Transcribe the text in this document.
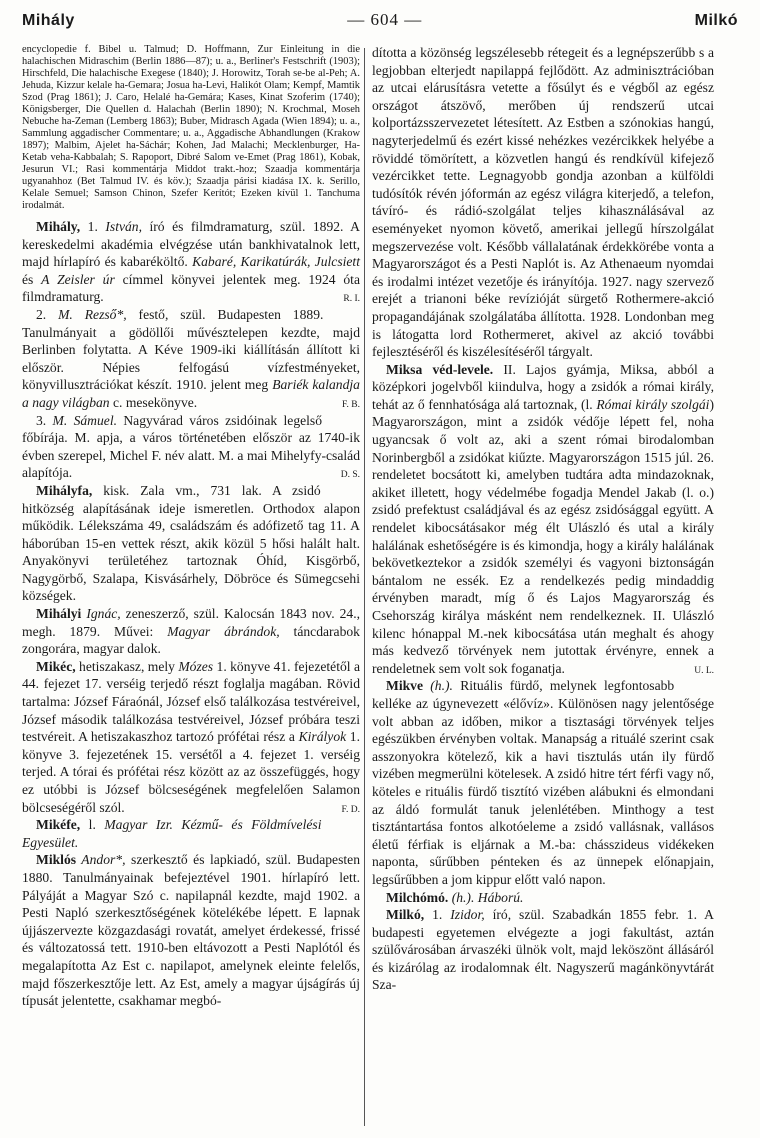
Mihály	— 604 —	Milkó

encyclopedie f. Bibel u. Talmud; D. Hoffmann, Zur Einleitung in die halachischen Midraschim (Berlin 1886—87); u. a., Berliner's Festschrift (1903); Hirschfeld, Die halachische Exegese (1840); J. Horowitz, Torah se-be al-Peh; A. Jehuda, Kizzur kelale ha-Gemara; Josua ha-Levi, Halikót Olam; Kempf, Mamtik Szod (Prag 1861); J. Caro, Helalé ha-Gemára; Kases, Kinat Szoferim (1740); Königsberger, Die Quellen d. Halachah (Berlin 1890); N. Krochmal, Moseh Nebuche ha-Zeman (Lemberg 1863); Buber, Midrasch Agada (Wien 1894); u. a., Sammlung aggadischer Commentare; u. a., Aggadische Abhandlungen (Krakow 1897); Malbim, Ajelet ha-Sáchár; Kohen, Jad Malachi; Mecklenburger, Ha-Ketab veha-Kabbalah; S. Rapoport, Dibré Salom ve-Emet (Prag 1861), Kobak, Jesurun VI.; Rasi kommentárja Middot trakt.-hoz; Szaadja kommentárja ugyanahhoz (Bet Talmud IV. és köv.); Szaadja párisi kiadása IX. k. Serillo, Kelale Semuel; Samson Chinon, Szefer Kerítót; Ezeken kívül 1. Tanchuma irodalmát.

Mihály, 1. István, író és filmdramaturg, szül. 1892. A kereskedelmi akadémia elvégzése után bankhivatalnok lett, majd hírlapíró és kabaréköltő. Kabaré, Karikatúrák, Julcsiett és A Zeisler úr címmel könyvei jelentek meg. 1924 óta filmdramaturg.	R. I.

2. M. Rezső*, festő, szül. Budapesten 1889. Tanulmányait a gödöllői művésztelepen kezdte, majd Berlinben folytatta. A Kéve 1909-iki kiállításán állított ki először. Népies felfogású vízfestményeket, könyvillusztrációkat készít. 1910. jelent meg Bariék kalandja a nagy világban c. mesekönyve.	F. B.

3. M. Sámuel. Nagyvárad város zsidóinak legelső főbírája. M. apja, a város történetében először az 1740-ik évben szerepel, Michel F. név alatt. M. a mai Mihelyfy-család alapítója.	D. S.

Mihályfa, kisk. Zala vm., 731 lak. A zsidó hitközség alapításának ideje ismeretlen. Orthodox alapon működik. Lélekszáma 49, családszám és adófizető tag 11. A háborúban 15-en vettek részt, akik közül 5 hősi halált halt. Anyakönyvi területéhez tartoznak Óhíd, Kisgörbő, Nagygörbő, Szalapa, Kisvásárhely, Döbröce és Sümegcsehi községek.

Mihályi Ignác, zeneszerző, szül. Kalocsán 1843 nov. 24., megh. 1879. Művei: Magyar ábrándok, táncdarabok zongorára, magyar dalok.

Mikéc, hetiszakasz, mely Mózes 1. könyve 41. fejezetétől a 44. fejezet 17. verséig terjedő részt foglalja magában. Rövid tartalma: József Fáraónál, József első találkozása testvéreivel, József második találkozása testvéreivel, József próbára teszi testvéreit. A hetiszakaszhoz tartozó prófétai rész a Királyok 1. könyve 3. fejezetének 15. versétől a 4. fejezet 1. verséig terjed. A tórai és prófétai rész között az az összefüggés, hogy ez utóbbi is József bölcseségének megfelelően Salamon bölcseségéről szól.	F. D.

Mikéfe, l. Magyar Izr. Kézmű- és Földmívelési Egyesület.

Miklós Andor*, szerkesztő és lapkiadó, szül. Budapesten 1880. Tanulmányainak befejeztével 1901. hírlapíró lett. Pályáját a Magyar Szó c. napilapnál kezdte, majd 1902. a Pesti Napló szerkesztőségének kötelékébe lépett. E lapnak újjászervezte közgazdasági rovatát, amelyet érdekessé, frissé és változatossá tett. 1910-ben eltávozott a Pesti Naplótól és megalapította Az Est c. napilapot, amelynek eleinte felelős, majd főszerkesztője lett. Az Est, amely a magyar újságírás új típusát jelentette, csakhamar megbó-

dította a közönség legszélesebb rétegeit és a legnépszerűbb s a legjobban elterjedt napilappá fejlődött. Az adminisztrációban az utcai elárusításra vetette a fősúlyt és e végből az egész országot átszövő, merőben új rendszerű utcai kolportázsszervezetet létesített. Az Estben a szónokias hangú, nagyterjedelmű és ezért kissé nehézkes vezércikkek helyébe a röviddé tömörített, a közvetlen hangú és rendkívül kifejező vezércikket tette. Legnagyobb gondja azonban a külföldi tudósítók révén jóformán az egész világra kiterjedő, a telefon, távíró- és rádió-szolgálat teljes kihasználásával az eseményeket nyomon követő, amerikai jellegű hírszolgálat megszervezése volt. Később vállalatának érdekkörébe vonta a Magyarországot és a Pesti Naplót is. Az Athenaeum nyomdai és irodalmi intézet vezetője és irányítója. 1927. nagy szervező erejét a trianoni béke revízióját sürgető Rothermere-akció propagandájának szolgálatába állította. 1928. Londonban meg is látogatta lord Rothermeret, akivel az akció további fejlesztéséről és kiszélesítéséről tárgyalt.

Miksa véd-levele. II. Lajos gyámja, Miksa, abból a középkori jogelvből kiindulva, hogy a zsidók a római király, tehát az ő fennhatósága alá tartoznak, (l. Római király szolgái) Magyarországon, mint a zsidók védője lépett fel, noha ugyancsak ő volt az, aki a szent római birodalomban Norinbergből a zsidókat kiűzte. Magyarországon 1515 júl. 26. rendeletet bocsátott ki, amelyben tudtára adta mindazoknak, akiket illetett, hogy védelmébe fogadja Mendel Jakab (l. o.) zsidó prefektust családjával és az egész zsidósággal együtt. A rendelet kibocsátásakor még élt Ulászló és utal a király halálának eshetőségére is és kimondja, hogy a király halálának bekövetkeztekor a zsidók személyi és vagyoni biztonságán bántalom ne essék. Ez a rendelkezés pedig mindaddig érvényben maradt, míg ő és Lajos Magyarország és Csehország királya másként nem rendelkeznek. II. Ulászló kilenc hónappal M.-nek kibocsátása után meghalt és ahogy más kedvező törvények nem jutottak érvényre, ennek a rendeletnek sem volt sok foganatja.	U. L.

Mikve (h.). Rituális fürdő, melynek legfontosabb kelléke az úgynevezett «élővíz». Különösen nagy jelentősége volt abban az időben, mikor a tisztasági törvények teljes egészükben érvényben voltak. Manapság a rituálé szerint csak asszonyokra kötelező, kik a havi tisztulás után ily fürdő vizében megmerülni kötelesek. A zsidó hitre tért férfi vagy nő, köteles e rituális fürdő tisztító vizében alábukni és elmondani az áldó formulát tanuk jelenlétében. Minthogy a test tisztántartása fontos alkotóeleme a zsidó vallásnak, vallásos életű férfiak is eljárnak a M.-ba: chásszideus vidékeken naponta, sűrűbben pénteken és az ünnepek előnapjain, legsűrűbben a jom kippur előtt való napon.

Milchómó. (h.). Háború.

Milkó, 1. Izidor, író, szül. Szabadkán 1855 febr. 1. A budapesti egyetemen elvégezte a jogi fakultást, aztán szülővárosában árvaszéki ülnök volt, majd leköszönt állásáról és kizárólag az irodalomnak élt. Nagyszerű magánkönyvtárát Sza-
